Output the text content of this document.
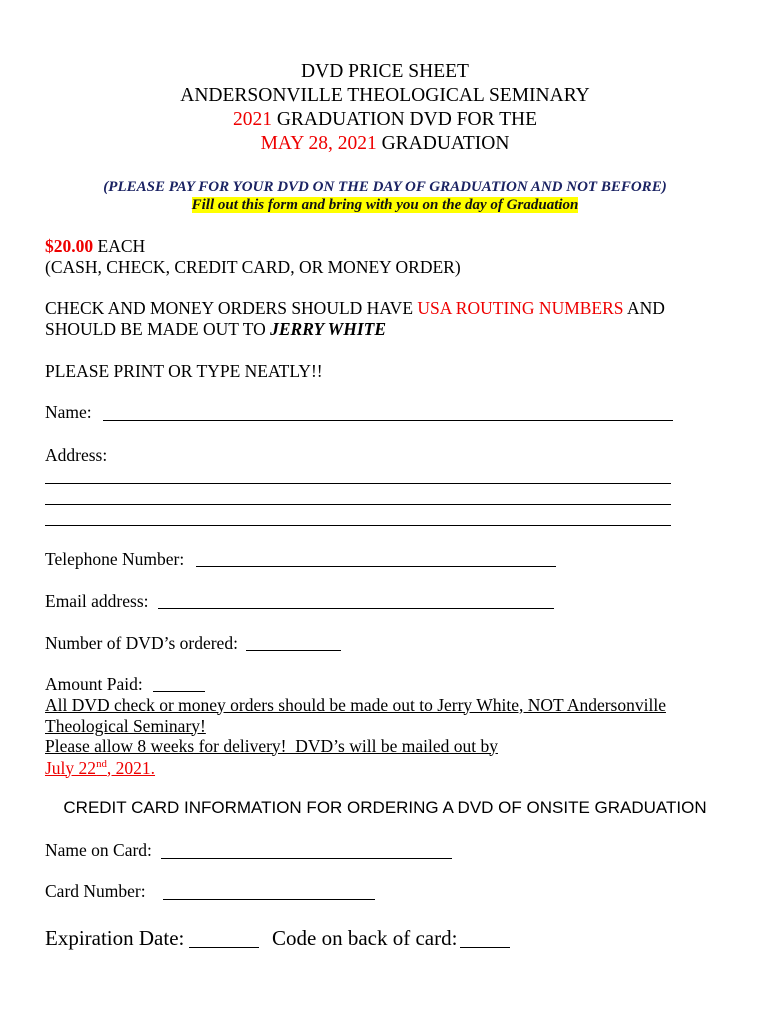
DVD PRICE SHEET
ANDERSONVILLE THEOLOGICAL SEMINARY
2021 GRADUATION DVD FOR THE
MAY 28, 2021 GRADUATION
(PLEASE PAY FOR YOUR DVD ON THE DAY OF GRADUATION AND NOT BEFORE)
Fill out this form and bring with you on the day of Graduation
$20.00 EACH
(CASH, CHECK, CREDIT CARD, OR MONEY ORDER)
CHECK AND MONEY ORDERS SHOULD HAVE USA ROUTING NUMBERS AND
SHOULD BE MADE OUT TO JERRY WHITE
PLEASE PRINT OR TYPE NEATLY!!
Name:
Address:
Telephone Number:
Email address:
Number of DVD’s ordered:
Amount Paid:
All DVD check or money orders should be made out to Jerry White, NOT Andersonville
Theological Seminary!
Please allow 8 weeks for delivery!  DVD’s will be mailed out by
July 22nd, 2021.
CREDIT CARD INFORMATION FOR ORDERING A DVD OF ONSITE GRADUATION
Name on Card:
Card Number:
Expiration Date:	Code on back of card:
